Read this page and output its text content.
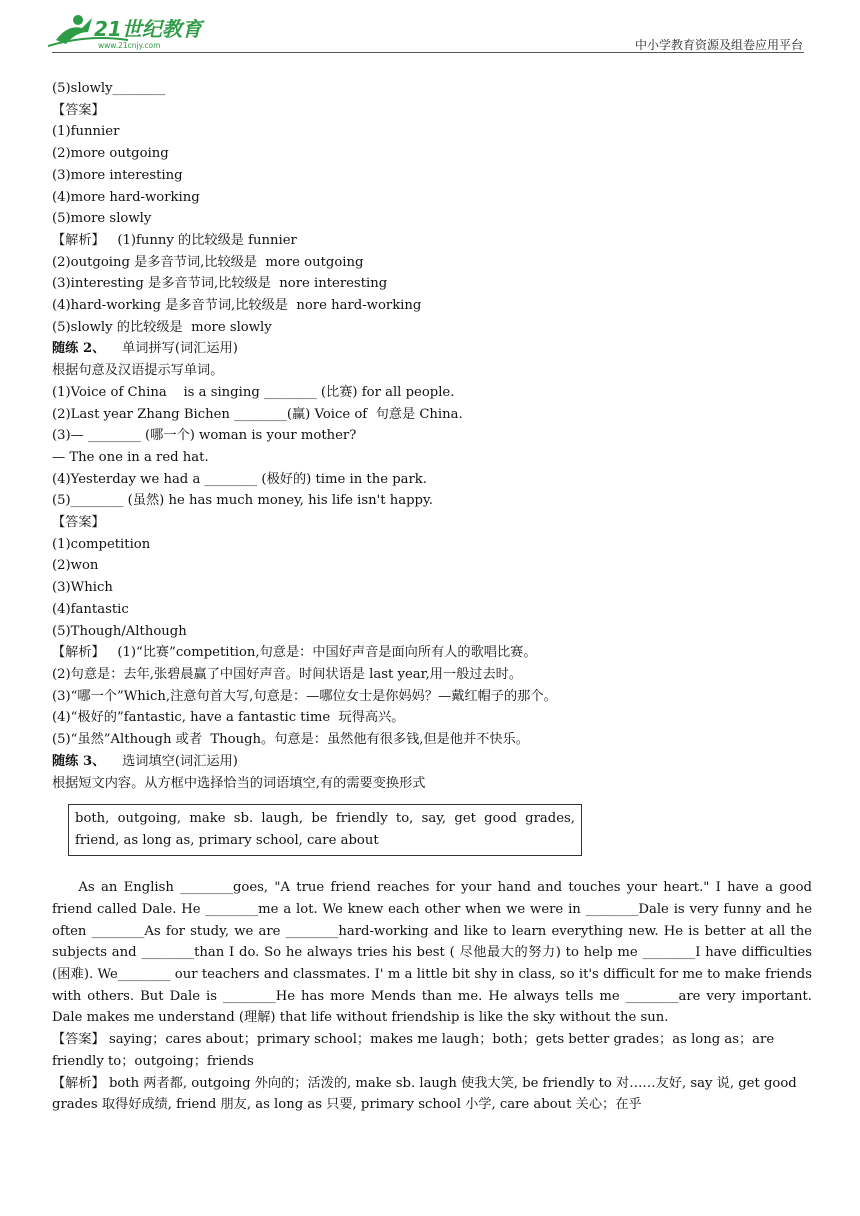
21世纪教育
www.21cnjy.com	中小学教育资源及组卷应用平台
(5)slowly________
【答案】
(1)funnier
(2)more outgoing
(3)more interesting
(4)more hard-working
(5)more slowly
【解析】   (1)funny 的比较级是 funnier
(2)outgoing 是多音节词,比较级是  more outgoing
(3)interesting 是多音节词,比较级是  nore interesting
(4)hard-working 是多音节词,比较级是  nore hard-working
(5)slowly 的比较级是  more slowly
随练 2、    单词拼写(词汇运用)
根据句意及汉语提示写单词。
(1)Voice of China    is a singing ________ (比赛) for all people.
(2)Last year Zhang Bichen ________(赢) Voice of  句意是 China.
(3)— ________ (哪一个) woman is your mother?
— The one in a red hat.
(4)Yesterday we had a ________ (极好的) time in the park.
(5)________ (虽然) he has much money, his life isn't happy.
【答案】
(1)competition
(2)won
(3)Which
(4)fantastic
(5)Though/Although
【解析】   (1)“比赛”competition,句意是：中国好声音是面向所有人的歌唱比赛。
(2)句意是：去年,张碧晨赢了中国好声音。时间状语是 last year,用一般过去时。
(3)“哪一个”Which,注意句首大写,句意是：—哪位女士是你妈妈？—戴红帽子的那个。
(4)“极好的”fantastic, have a fantastic time  玩得高兴。
(5)“虽然”Although 或者  Though。句意是：虽然他有很多钱,但是他并不快乐。
随练 3、    选词填空(词汇运用)
根据短文内容。从方框中选择恰当的词语填空,有的需要变换形式
both, outgoing, make sb. laugh, be friendly to, say, get good grades, friend, as long as, primary school, care about
As an English ________goes, "A true friend reaches for your hand and touches your heart." I have a good friend called Dale. He ________me a lot. We knew each other when we were in ________Dale is very funny and he often ________As for study, we are ________hard-working and like to learn everything new. He is better at all the subjects and ________than I do. So he always tries his best ( 尽他最大的努力) to help me ________I have difficulties (困难). We________ our teachers and classmates. I' m a little bit shy in class, so it's difficult for me to make friends with others. But Dale is ________He has more Mends than me. He always tells me ________are very important. Dale makes me understand (理解) that life without friendship is like the sky without the sun.
【答案】 saying；cares about；primary school；makes me laugh；both；gets better grades；as long as；are friendly to；outgoing；friends
【解析】 both 两者都, outgoing 外向的；活泼的, make sb. laugh 使我大笑, be friendly to 对……友好, say 说, get good grades 取得好成绩, friend 朋友, as long as 只要, primary school 小学, care about 关心；在乎
